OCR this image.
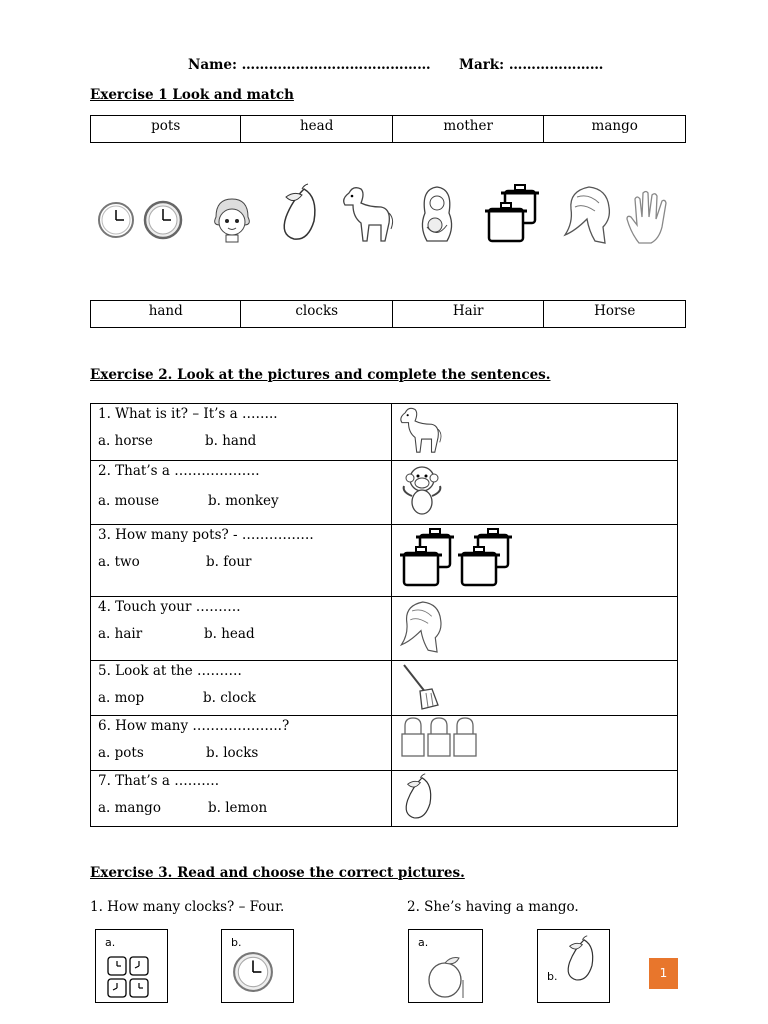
Name: …………………………………… Mark: …………………
Exercise 1 Look and match
pots	head	mother	mango
hand	clocks	Hair	Horse
Exercise 2. Look at the pictures and complete the sentences.
1. What is it? – It’s a ……..
a. horse b. hand

2. That’s a ……………….
a. mouse b. monkey

3. How many pots? - …………….
a. two b. four

4. Touch your ……….
a. hair b. head

5. Look at the ……….
a. mop b. clock

6. How many ………………..?
a. pots b. locks

7. That’s a ……….
a. mango b. lemon

Exercise 3. Read and choose the correct pictures.
1. How many clocks? – Four.	2. She’s having a mango.
a.	b.	a.
b.	1
